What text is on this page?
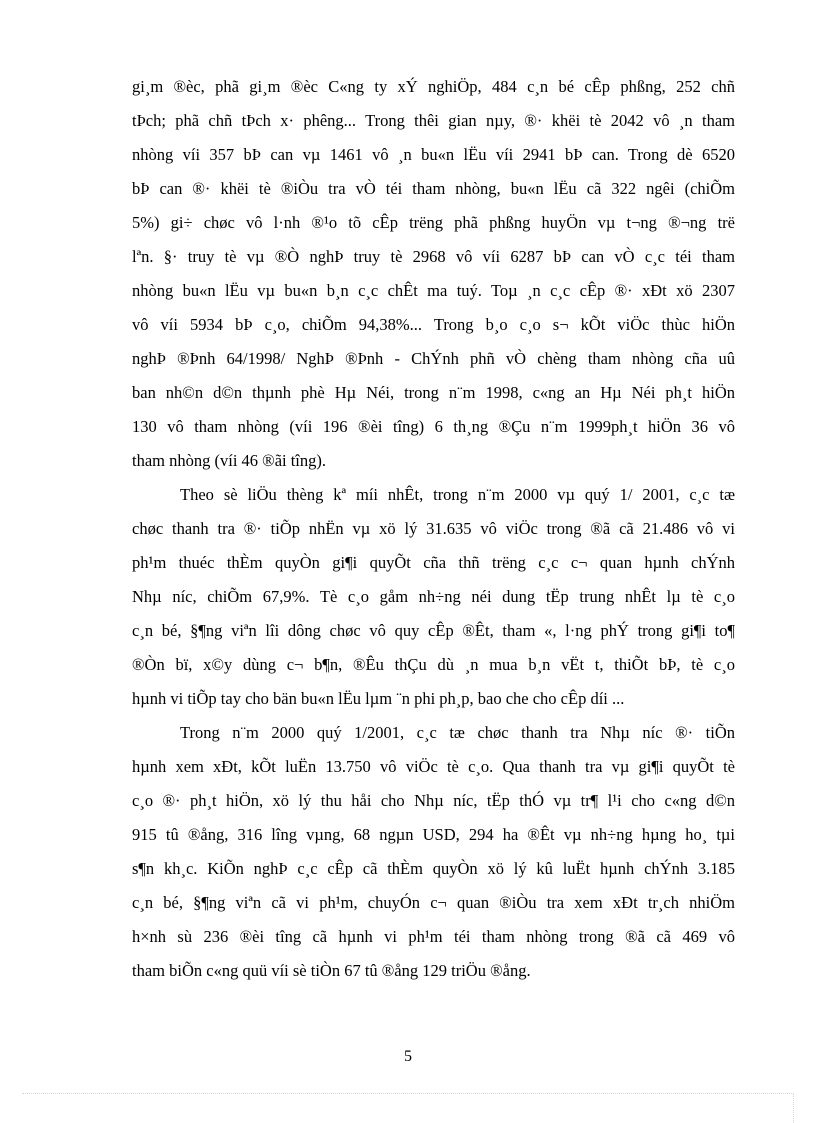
gi¸m ®èc, phã gi¸m ®èc C«ng ty xÝ nghiÖp, 484 c¸n bé cÊp phßng, 252 chñ
tÞch; phã chñ tÞch x· phêng... Trong thêi gian nµy, ®· khëi tè 2042 vô ¸n tham
nhòng víi 357 bÞ can vµ 1461 vô ¸n bu«n lËu víi 2941 bÞ can. Trong dè 6520
bÞ can ®· khëi tè ®iÒu tra vÒ téi tham nhòng, bu«n lËu cã 322 ngêi (chiÕm
5%) gi÷ chøc vô l·nh ®¹o tõ cÊp trëng phã phßng huyÖn vµ t¬ng ®¬ng trë
lªn. §· truy tè vµ ®Ò nghÞ truy tè 2968 vô víi 6287 bÞ can vÒ c¸c téi tham
nhòng bu«n lËu vµ bu«n b¸n c¸c chÊt ma tuý. Toµ ¸n c¸c cÊp ®· xÐt xö 2307
vô víi 5934 bÞ c¸o, chiÕm 94,38%... Trong b¸o c¸o s¬ kÕt viÖc thùc hiÖn
nghÞ ®Þnh 64/1998/ NghÞ ®Þnh - ChÝnh phñ vÒ chèng tham nhòng cña uû
ban nh©n d©n thµnh phè Hµ Néi, trong n¨m 1998, c«ng an Hµ Néi ph¸t hiÖn
130 vô tham nhòng (víi 196 ®èi tîng) 6 th¸ng ®Çu n¨m 1999ph¸t hiÖn 36 vô
tham nhòng (víi 46 ®ãi tîng).
Theo sè liÖu thèng kª míi nhÊt, trong n¨m 2000 vµ quý 1/ 2001, c¸c tæ
chøc thanh tra ®· tiÕp nhËn vµ xö lý 31.635 vô viÖc trong ®ã cã 21.486 vô vi
ph¹m thuéc thÈm quyÒn gi¶i quyÕt cña thñ trëng c¸c c¬ quan hµnh chÝnh
Nhµ níc, chiÕm 67,9%. Tè c¸o gåm nh÷ng néi dung tËp trung nhÊt lµ tè c¸o
c¸n bé, §¶ng viªn lîi dông chøc vô quy cÊp ®Êt, tham «, l·ng phÝ trong gi¶i to¶
®Òn bï, x©y dùng c¬ b¶n, ®Êu thÇu dù ¸n mua b¸n vËt t, thiÕt bÞ, tè c¸o
hµnh vi tiÕp tay cho bän bu«n lËu lµm ¨n phi ph¸p, bao che cho cÊp díi ...
Trong n¨m 2000 quý 1/2001, c¸c tæ chøc thanh tra Nhµ níc ®· tiÕn
hµnh xem xÐt, kÕt luËn 13.750 vô viÖc tè c¸o. Qua thanh tra vµ gi¶i quyÕt tè
c¸o ®· ph¸t hiÖn, xö lý thu håi cho Nhµ níc, tËp thÓ vµ tr¶ l¹i cho c«ng d©n
915 tû ®ång, 316 lîng vµng, 68 ngµn USD, 294 ha ®Êt vµ nh÷ng hµng ho¸ tµi
s¶n kh¸c. KiÕn nghÞ c¸c cÊp cã thÈm quyÒn xö lý kû luËt hµnh chÝnh 3.185
c¸n bé, §¶ng viªn cã vi ph¹m, chuyÓn c¬ quan ®iÒu tra xem xÐt tr¸ch nhiÖm
h×nh sù 236 ®èi tîng cã hµnh vi ph¹m téi tham nhòng trong ®ã cã 469 vô
tham biÕn c«ng quü víi sè tiÒn 67 tû ®ång 129 triÖu ®ång.
5
